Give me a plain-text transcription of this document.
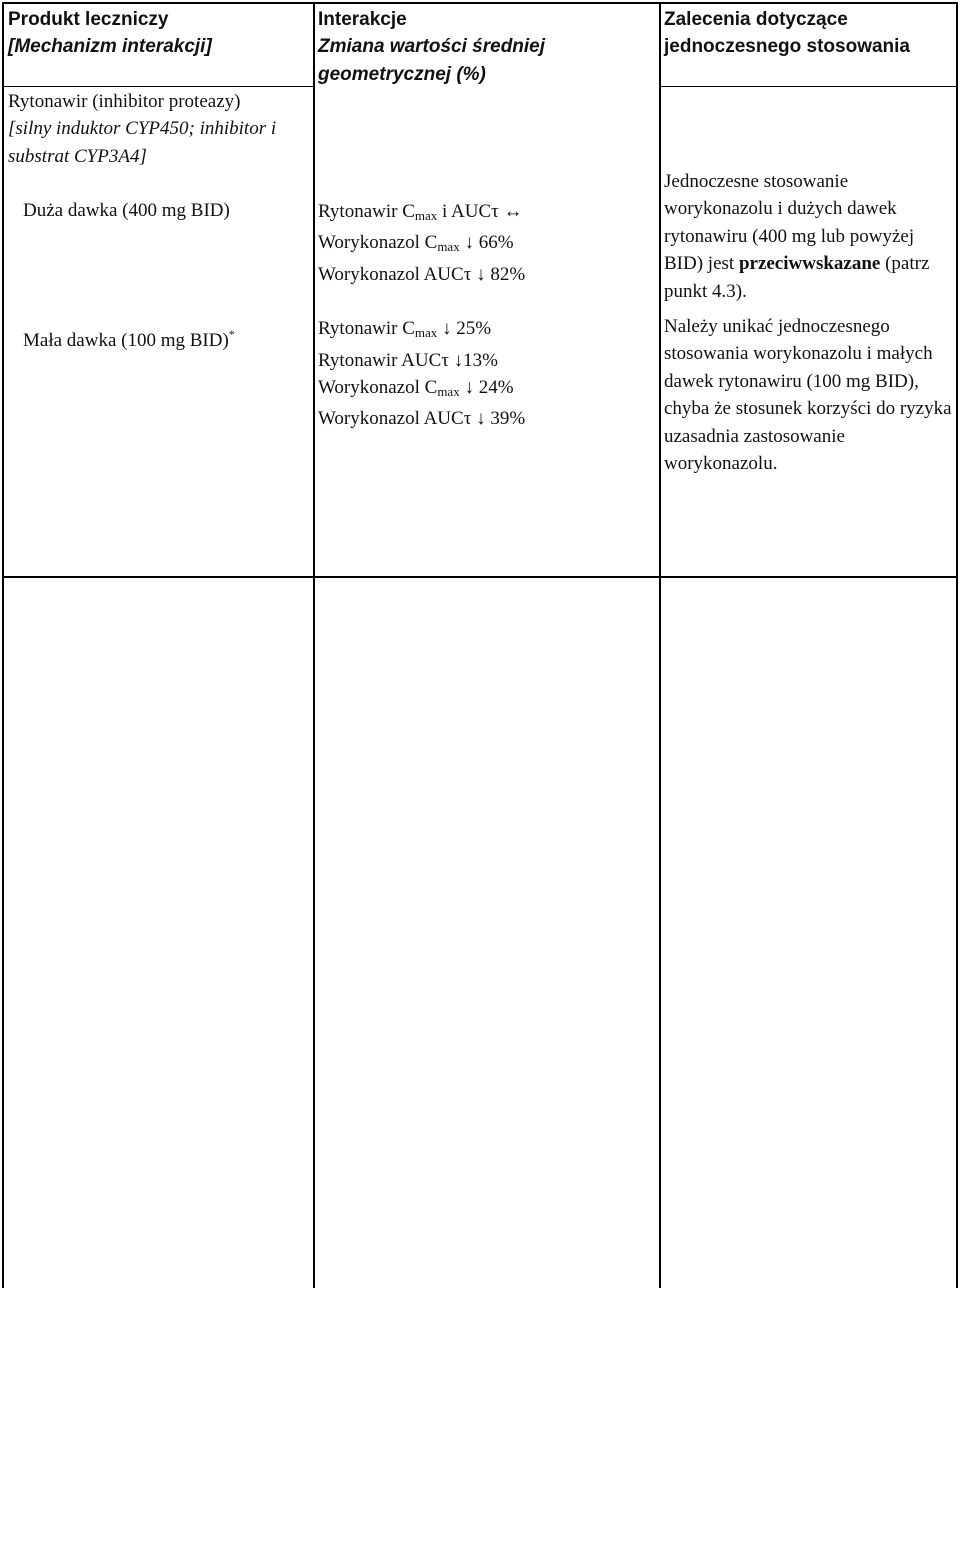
Produkt leczniczy

[Mechanizm interakcji]

Interakcje

Zmiana wartości średniej geometrycznej (%)

Zalecenia dotyczące jednoczesnego stosowania

Rytonawir (inhibitor proteazy)

[silny induktor CYP450; inhibitor i substrat CYP3A4]

Duża dawka (400 mg BID)

Mała dawka (100 mg BID)*

Rytonawir $C_{max}$ i AUCτ ↔

Worykonazol $C_{max}$ ↓ 66%

Worykonazol AUCτ ↓ 82%

Rytonawir $C_{max}$ ↓ 25%

Rytonawir AUCτ ↓13%

Worykonazol $C_{max}$ ↓ 24%

Worykonazol AUCτ ↓ 39%

Jednoczesne stosowanie worykonazolu i dużych dawek rytonawiru (400 mg lub powyżej BID) jest przeciwwskazane (patrz punkt 4.3).

Należy unikać jednoczesnego stosowania worykonazolu i małych dawek rytonawiru (100 mg BID), chyba że stosunek korzyści do ryzyka uzasadnia zastosowanie worykonazolu.
